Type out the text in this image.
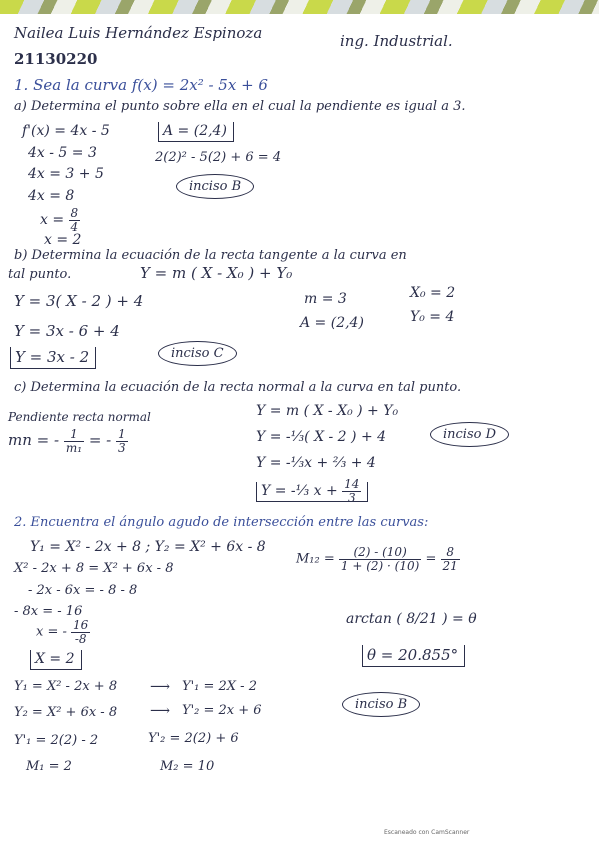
Nailea Luis Hernández Espinoza	ing. Industrial.
21130220
1. Sea la curva f(x) = 2x² - 5x + 6
a) Determina el punto sobre ella en el cual la pendiente es igual a 3.
f'(x) = 4x - 5
4x - 5 = 3
4x = 3 + 5
4x = 8
$x = \frac{8}{4}$
x = 2
A = (2,4)
2(2)² - 5(2) + 6 = 4
inciso B
b) Determina la ecuación de la recta tangente a la curva en
tal punto.	Y = m ( X - X₀ ) + Y₀
Y = 3( X - 2 ) + 4
Y = 3x - 6 + 4
Y = 3x - 2
m = 3	X₀ = 2
A = (2,4)	Y₀ = 4
inciso C
c) Determina la ecuación de la recta normal a la curva en tal punto.
Pendiente recta normal
mn = - $\frac{1}{\text{m₁}}$ = - $\frac{1}{3}$
Y = m ( X - X₀ ) + Y₀
Y = -⅓( X - 2 ) + 4
Y = -⅓x + ⅔ + 4
Y = -⅓ $x + \frac{14}{3}$
inciso D
2. Encuentra el ángulo agudo de intersección entre las curvas:
Y₁ = X² - 2x + 8 ; Y₂ = X² + 6x - 8
X² - 2x + 8 = X² + 6x - 8
- 2x - 6x = - 8 - 8
- 8x = - 16
x = - $\frac{16}{-8}$
X = 2
Y₁ = X² - 2x + 8 ⟶ Y'₁ = 2X - 2
Y₂ = X² + 6x - 8 ⟶ Y'₂ = 2x + 6
Y'₁ = 2(2) - 2	Y'₂ = 2(2) + 6
M₁ = 2	M₂ = 10
$M_{12} = \frac{(2) - (10)}{1 + (2) \cdot (10)} = \frac{8}{21}$
arctan ( 8/21 ) = θ
θ = 20.855°
inciso B
Escaneado con CamScanner
